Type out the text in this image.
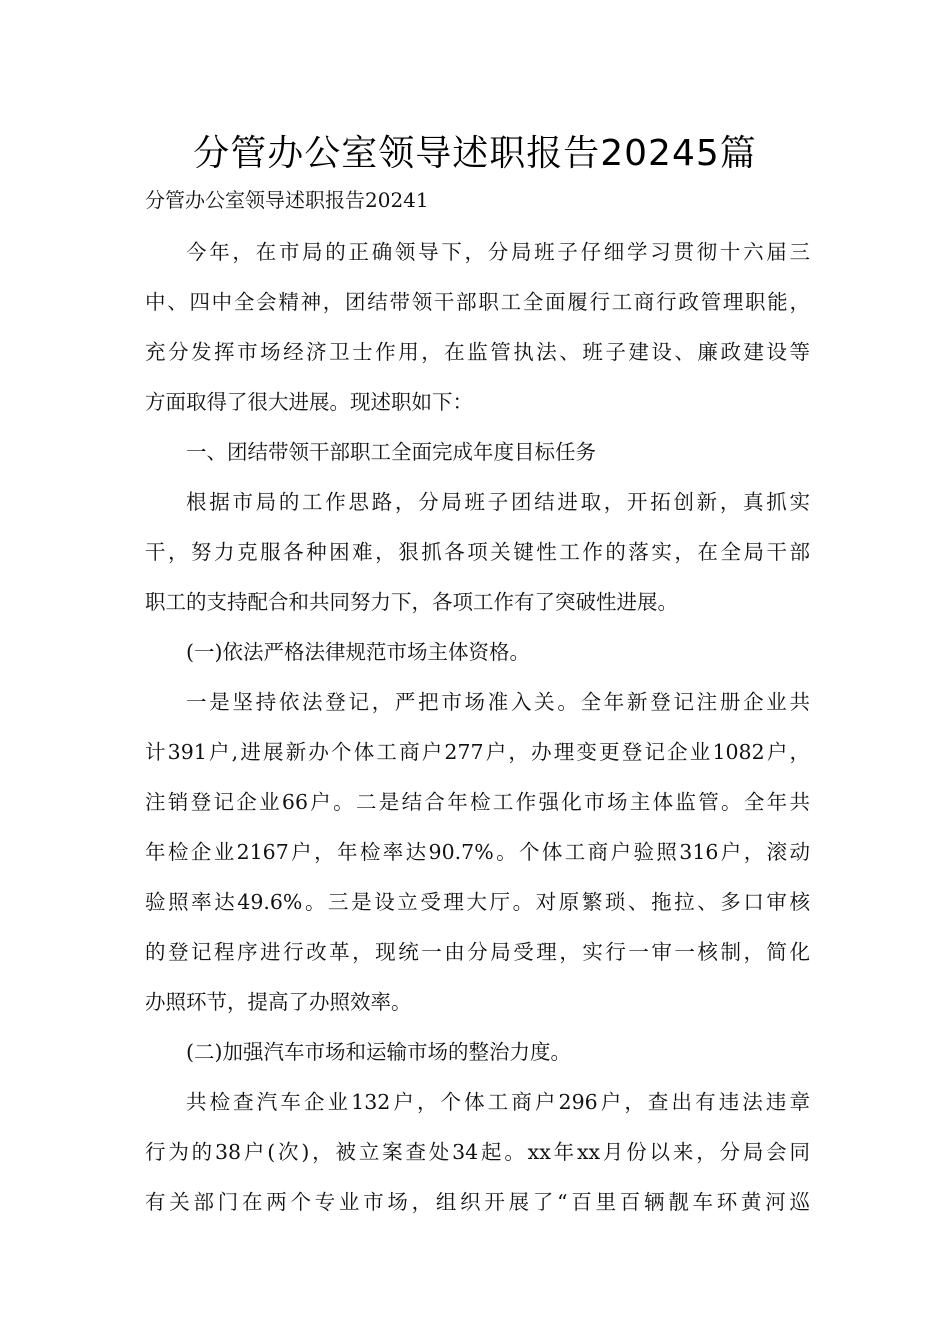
分管办公室领导述职报告20245篇
分管办公室领导述职报告20241

今年，在市局的正确领导下，分局班子仔细学习贯彻十六届三

中、四中全会精神，团结带领干部职工全面履行工商行政管理职能，

充分发挥市场经济卫士作用，在监管执法、班子建设、廉政建设等

方面取得了很大进展。现述职如下：

一、团结带领干部职工全面完成年度目标任务

根据市局的工作思路，分局班子团结进取，开拓创新，真抓实

干，努力克服各种困难，狠抓各项关键性工作的落实，在全局干部

职工的支持配合和共同努力下，各项工作有了突破性进展。

(一)依法严格法律规范市场主体资格。

一是坚持依法登记，严把市场准入关。全年新登记注册企业共

计391户,进展新办个体工商户277户，办理变更登记企业1082户，

注销登记企业66户。二是结合年检工作强化市场主体监管。全年共

年检企业2167户，年检率达90.7%。个体工商户验照316户，滚动

验照率达49.6%。三是设立受理大厅。对原繁琐、拖拉、多口审核

的登记程序进行改革，现统一由分局受理，实行一审一核制，简化

办照环节，提高了办照效率。

(二)加强汽车市场和运输市场的整治力度。

共检查汽车企业132户，个体工商户296户，查出有违法违章

行为的38户(次)，被立案查处34起。xx年xx月份以来，分局会同

有关部门在两个专业市场，组织开展了“百里百辆靓车环黄河巡
